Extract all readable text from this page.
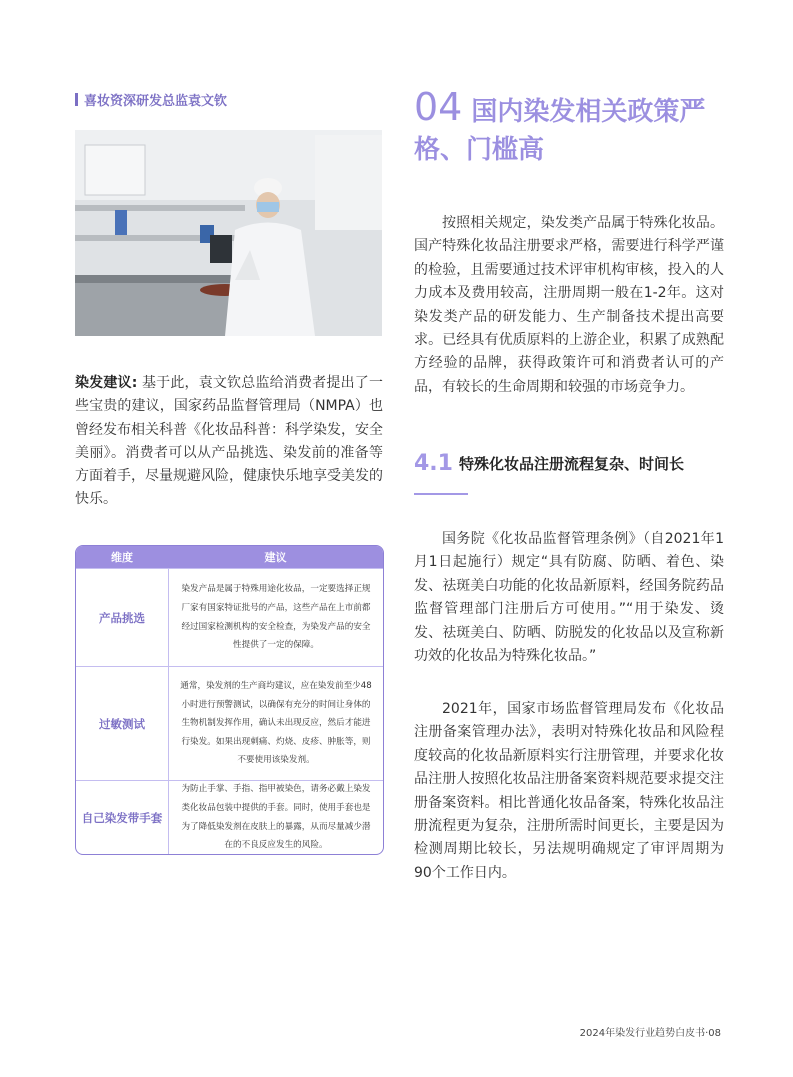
喜妆资深研发总监袁文钦
染发建议: 基于此，袁文钦总监给消费者提出了一些宝贵的建议，国家药品监督管理局（NMPA）也曾经发布相关科普《化妆品科普：科学染发，安全美丽》。消费者可以从产品挑选、染发前的准备等方面着手，尽量规避风险，健康快乐地享受美发的快乐。
维度	建议
产品挑选
染发产品是属于特殊用途化妆品，一定要选择正规厂家有国家特证批号的产品，这些产品在上市前都经过国家检测机构的安全检查，为染发产品的安全性提供了一定的保障。
过敏测试
通常，染发剂的生产商均建议，应在染发前至少48小时进行预警测试，以确保有充分的时间让身体的生物机制发挥作用，确认未出现反应，然后才能进行染发。如果出现刺痛、灼烧、皮疹、肿胀等，则不要使用该染发剂。
自己染发带手套
为防止手掌、手指、指甲被染色，请务必戴上染发类化妆品包装中提供的手套。同时，使用手套也是为了降低染发剂在皮肤上的暴露，从而尽量减少潜在的不良反应发生的风险。
04 国内染发相关政策严格、门槛高
按照相关规定，染发类产品属于特殊化妆品。国产特殊化妆品注册要求严格，需要进行科学严谨的检验，且需要通过技术评审机构审核，投入的人力成本及费用较高，注册周期一般在1-2年。这对染发类产品的研发能力、生产制备技术提出高要求。已经具有优质原料的上游企业，积累了成熟配方经验的品牌，获得政策许可和消费者认可的产品，有较长的生命周期和较强的市场竞争力。
4.1 特殊化妆品注册流程复杂、时间长
国务院《化妆品监督管理条例》（自2021年1月1日起施行）规定“具有防腐、防晒、着色、染发、祛斑美白功能的化妆品新原料，经国务院药品监督管理部门注册后方可使用。”“用于染发、烫发、祛斑美白、防晒、防脱发的化妆品以及宣称新功效的化妆品为特殊化妆品。”
2021年，国家市场监督管理局发布《化妆品注册备案管理办法》，表明对特殊化妆品和风险程度较高的化妆品新原料实行注册管理，并要求化妆品注册人按照化妆品注册备案资料规范要求提交注册备案资料。相比普通化妆品备案，特殊化妆品注册流程更为复杂，注册所需时间更长，主要是因为检测周期比较长，另法规明确规定了审评周期为90个工作日内。
2024年染发行业趋势白皮书·08
